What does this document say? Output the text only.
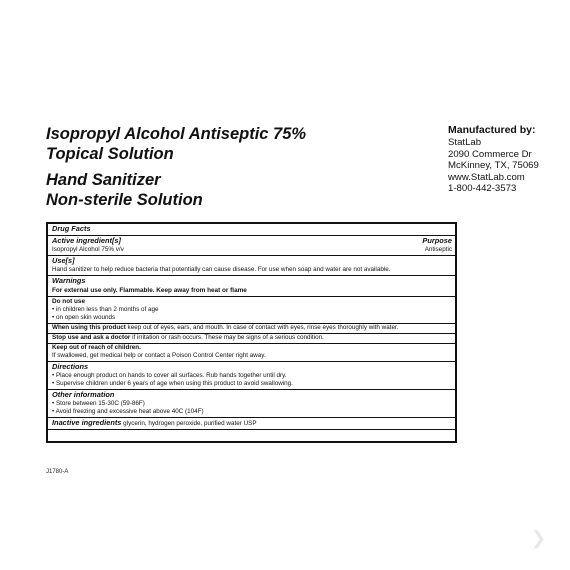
Isopropyl Alcohol Antiseptic 75%
Topical Solution
Hand Sanitizer
Non-sterile Solution
Manufactured by:
StatLab
2090 Commerce Dr
McKinney, TX, 75069
www.StatLab.com
1-800-442-3573
Drug Facts
Active ingredient[s]	Purpose
Isopropyl Alcohol 75% v/v	Antiseptic
Use[s]
Hand sanitizer to help reduce bacteria that potentially can cause disease. For use when soap and water are not available.
Warnings
For external use only. Flammable. Keep away from heat or flame
Do not use
• in children less than 2 months of age
• on open skin wounds
When using this product keep out of eyes, ears, and mouth. In case of contact with eyes, rinse eyes thoroughly with water.
Stop use and ask a doctor if irritation or rash occurs. These may be signs of a serious condition.
Keep out of reach of children.
If swallowed, get medical help or contact a Poison Control Center right away.
Directions
• Place enough product on hands to cover all surfaces. Rub hands together until dry.
• Supervise children under 6 years of age when using this product to avoid swallowing.
Other information
• Store between 15-30C (59-86F)
• Avoid freezing and excessive heat above 40C (104F)
Inactive ingredients glycerin, hydrogen peroxide, purified water USP
J1780-A
❯
